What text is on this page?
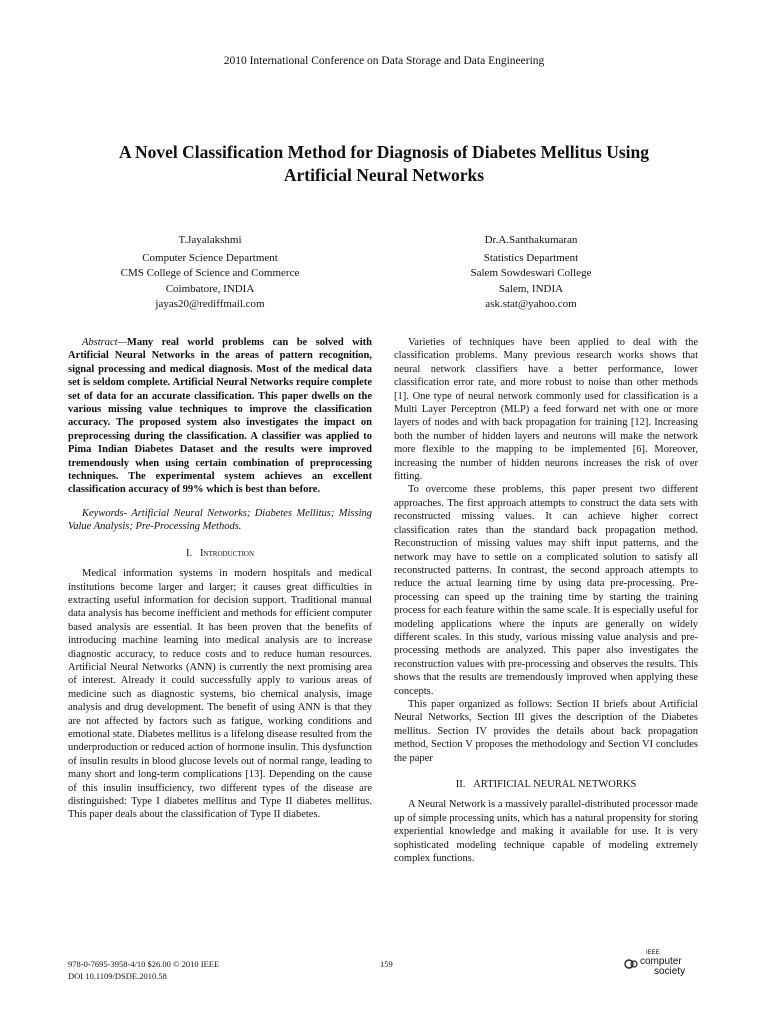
2010 International Conference on Data Storage and Data Engineering
A Novel Classification Method for Diagnosis of Diabetes Mellitus Using
Artificial Neural Networks
T.Jayalakshmi
Computer Science Department
CMS College of Science and Commerce
Coimbatore, INDIA
jayas20@rediffmail.com
Dr.A.Santhakumaran
Statistics Department
Salem Sowdeswari College
Salem, INDIA
ask.stat@yahoo.com

Abstract—Many real world problems can be solved with Artificial Neural Networks in the areas of pattern recognition, signal processing and medical diagnosis. Most of the medical data set is seldom complete. Artificial Neural Networks require complete set of data for an accurate classification. This paper dwells on the various missing value techniques to improve the classification accuracy. The proposed system also investigates the impact on preprocessing during the classification. A classifier was applied to Pima Indian Diabetes Dataset and the results were improved tremendously when using certain combination of preprocessing techniques. The experimental system achieves an excellent classification accuracy of 99% which is best than before.

Keywords- Artificial Neural Networks; Diabetes Mellitus; Missing Value Analysis; Pre-Processing Methods.

I. Introduction

Medical information systems in modern hospitals and medical institutions become larger and larger; it causes great difficulties in extracting useful information for decision support. Traditional manual data analysis has become inefficient and methods for efficient computer based analysis are essential. It has been proven that the benefits of introducing machine learning into medical analysis are to increase diagnostic accuracy, to reduce costs and to reduce human resources. Artificial Neural Networks (ANN) is currently the next promising area of interest. Already it could successfully apply to various areas of medicine such as diagnostic systems, bio chemical analysis, image analysis and drug development. The benefit of using ANN is that they are not affected by factors such as fatigue, working conditions and emotional state. Diabetes mellitus is a lifelong disease resulted from the underproduction or reduced action of hormone insulin. This dysfunction of insulin results in blood glucose levels out of normal range, leading to many short and long-term complications [13]. Depending on the cause of this insulin insufficiency, two different types of the disease are distinguished: Type I diabetes mellitus and Type II diabetes mellitus. This paper deals about the classification of Type II diabetes.

Varieties of techniques have been applied to deal with the classification problems. Many previous research works shows that neural network classifiers have a better performance, lower classification error rate, and more robust to noise than other methods [1]. One type of neural network commonly used for classification is a Multi Layer Perceptron (MLP) a feed forward net with one or more layers of nodes and with back propagation for training [12]. Increasing both the number of hidden layers and neurons will make the network more flexible to the mapping to be implemented [6]. Moreover, increasing the number of hidden neurons increases the risk of over fitting.

To overcome these problems, this paper present two different approaches. The first approach attempts to construct the data sets with reconstructed missing values. It can achieve higher correct classification rates than the standard back propagation method. Reconstruction of missing values may shift input patterns, and the network may have to settle on a complicated solution to satisfy all reconstructed patterns. In contrast, the second approach attempts to reduce the actual learning time by using data pre-processing. Pre-processing can speed up the training time by starting the training process for each feature within the same scale. It is especially useful for modeling applications where the inputs are generally on widely different scales. In this study, various missing value analysis and pre-processing methods are analyzed. This paper also investigates the reconstruction values with pre-processing and observes the results. This shows that the results are tremendously improved when applying these concepts.

This paper organized as follows: Section II briefs about Artificial Neural Networks, Section III gives the description of the Diabetes mellitus. Section IV provides the details about back propagation method, Section V proposes the methodology and Section VI concludes the paper

II. ARTIFICIAL NEURAL NETWORKS

A Neural Network is a massively parallel-distributed processor made up of simple processing units, which has a natural propensity for storing experiential knowledge and making it available for use. It is very sophisticated modeling technique capable of modeling extremely complex functions.

978-0-7695-3958-4/10 $26.00 © 2010 IEEE
DOI 10.1109/DSDE.2010.58
159
IEEE
computer
society
